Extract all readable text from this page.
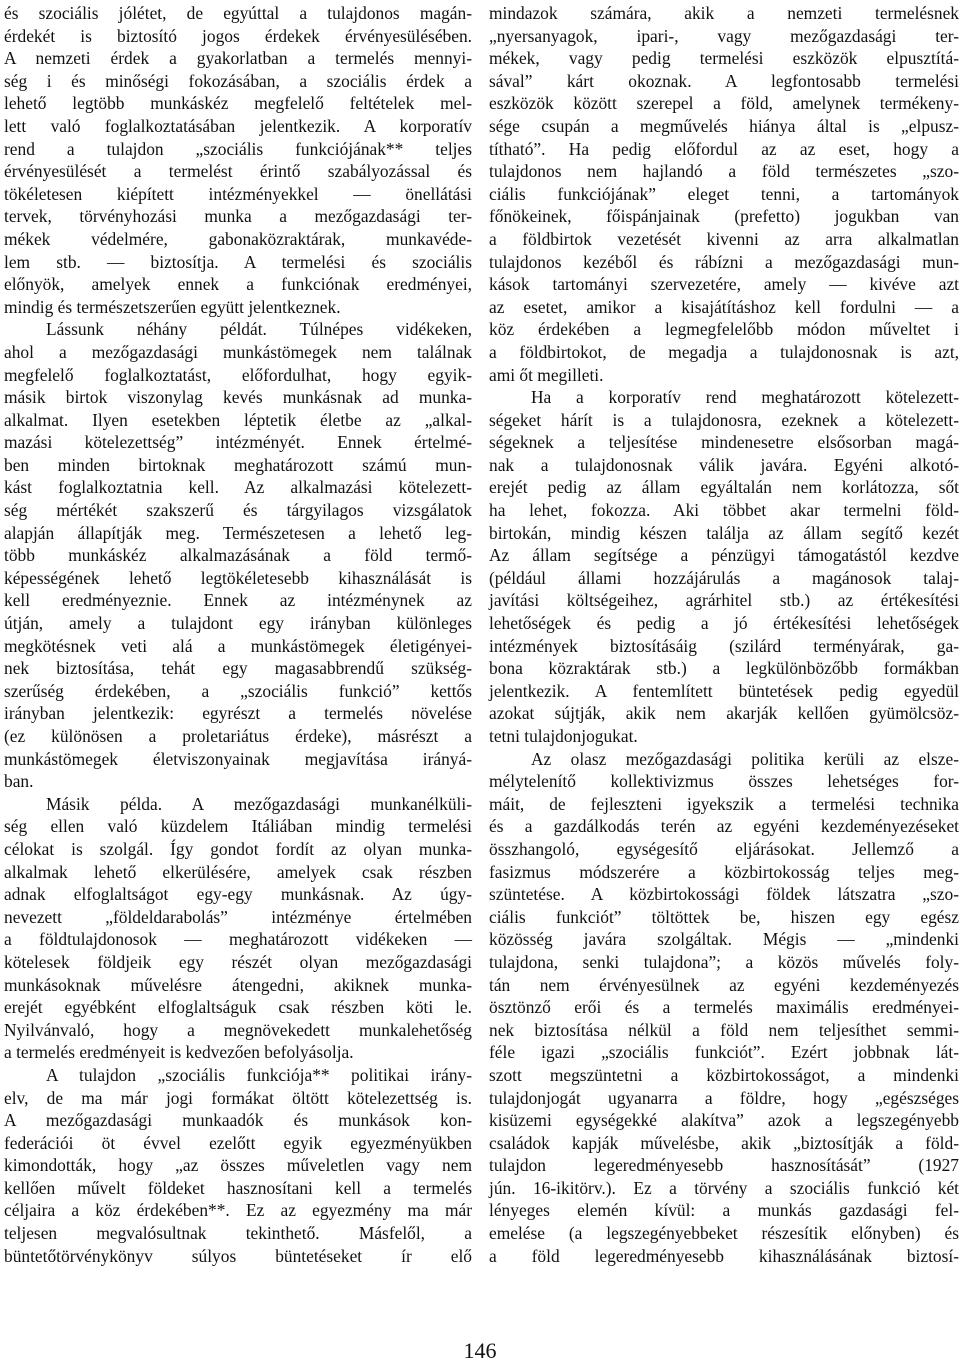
és szociális jólétet, de egyúttal a tulajdonos magán-
érdekét is biztosító jogos érdekek érvényesülésében.
A nemzeti érdek a gyakorlatban a termelés mennyi-
ség i és minőségi fokozásában, a szociális érdek a
lehető legtöbb munkáskéz megfelelő feltételek mel-
lett való foglalkoztatásában jelentkezik. A korporatív
rend a tulajdon „szociális funkciójának** teljes
érvényesülését a termelést érintő szabályozással és
tökéletesen kiépített intézményekkel — önellátási
tervek, törvényhozási munka a mezőgazdasági ter-
mékek védelmére, gabonaközraktárak, munkavéde-
lem stb. — biztosítja. A termelési és szociális
előnyök, amelyek ennek a funkciónak eredményei,
mindig és természetszerűen együtt jelentkeznek.
Lássunk néhány példát. Túlnépes vidékeken,
ahol a mezőgazdasági munkástömegek nem találnak
megfelelő foglalkoztatást, előfordulhat, hogy egyik-
másik birtok viszonylag kevés munkásnak ad munka-
alkalmat. Ilyen esetekben léptetik életbe az „alkal-
mazási kötelezettség” intézményét. Ennek értelmé-
ben minden birtoknak meghatározott számú mun-
kást foglalkoztatnia kell. Az alkalmazási kötelezett-
ség mértékét szakszerű és tárgyilagos vizsgálatok
alapján állapítják meg. Természetesen a lehető leg-
több munkáskéz alkalmazásának a föld termő-
képességének lehető legtökéletesebb kihasználását is
kell eredményeznie. Ennek az intézménynek az
útján, amely a tulajdont egy irányban különleges
megkötésnek veti alá a munkástömegek életigényei-
nek biztosítása, tehát egy magasabbrendű szükség-
szerűség érdekében, a „szociális funkció” kettős
irányban jelentkezik: egyrészt a termelés növelése
(ez különösen a proletariátus érdeke), másrészt a
munkástömegek életviszonyainak megjavítása irányá-
ban.
Másik példa. A mezőgazdasági munkanélküli-
ség ellen való küzdelem Itáliában mindig termelési
célokat is szolgál. Így gondot fordít az olyan munka-
alkalmak lehető elkerülésére, amelyek csak részben
adnak elfoglaltságot egy-egy munkásnak. Az úgy-
nevezett „földeldarabolás” intézménye értelmében
a földtulajdonosok — meghatározott vidékeken —
kötelesek földjeik egy részét olyan mezőgazdasági
munkásoknak művelésre átengedni, akiknek munka-
erejét egyébként elfoglaltságuk csak részben köti le.
Nyilvánvaló, hogy a megnövekedett munkalehetőség
a termelés eredményeit is kedvezően befolyásolja.
A tulajdon „szociális funkciója** politikai irány-
elv, de ma már jogi formákat öltött kötelezettség is.
A mezőgazdasági munkaadók és munkások kon-
federációi öt évvel ezelőtt egyik egyezményükben
kimondották, hogy „az összes műveletlen vagy nem
kellően művelt földeket hasznosítani kell a termelés
céljaira a köz érdekében**. Ez az egyezmény ma már
teljesen megvalósultnak tekinthető. Másfelől, a
büntetőtörvénykönyv súlyos büntetéseket ír elő
mindazok számára, akik a nemzeti termelésnek
„nyersanyagok, ipari-, vagy mezőgazdasági ter-
mékek, vagy pedig termelési eszközök elpusztítá-
sával” kárt okoznak. A legfontosabb termelési
eszközök között szerepel a föld, amelynek termékeny-
sége csupán a megművelés hiánya által is „elpusz-
títható”. Ha pedig előfordul az az eset, hogy a
tulajdonos nem hajlandó a föld természetes „szo-
ciális funkciójának” eleget tenni, a tartományok
főnökeinek, főispánjainak (prefetto) jogukban van
a földbirtok vezetését kivenni az arra alkalmatlan
tulajdonos kezéből és rábízni a mezőgazdasági mun-
kások tartományi szervezetére, amely — kivéve azt
az esetet, amikor a kisajátításhoz kell fordulni — a
köz érdekében a legmegfelelőbb módon műveltet i
a földbirtokot, de megadja a tulajdonosnak is azt,
ami őt megilleti.
Ha a korporatív rend meghatározott kötelezett-
ségeket hárít is a tulajdonosra, ezeknek a kötelezett-
ségeknek a teljesítése mindenesetre elsősorban magá-
nak a tulajdonosnak válik javára. Egyéni alkotó-
erejét pedig az állam egyáltalán nem korlátozza, sőt
ha lehet, fokozza. Aki többet akar termelni föld-
birtokán, mindig készen találja az állam segítő kezét
Az állam segítsége a pénzügyi támogatástól kezdve
(például állami hozzájárulás a magánosok talaj-
javítási költségeihez, agrárhitel stb.) az értékesítési
lehetőségek és pedig a jó értékesítési lehetőségek
intézmények biztosításáig (szilárd terményárak, ga-
bona közraktárak stb.) a legkülönbözőbb formákban
jelentkezik. A fentemlített büntetések pedig egyedül
azokat sújtják, akik nem akarják kellően gyümölcsöz-
tetni tulajdonjogukat.
Az olasz mezőgazdasági politika kerüli az elsze-
mélytelenítő kollektivizmus összes lehetséges for-
máit, de fejleszteni igyekszik a termelési technika
és a gazdálkodás terén az egyéni kezdeményezéseket
összhangoló, egységesítő eljárásokat. Jellemző a
fasizmus módszerére a közbirtokosság teljes meg-
szüntetése. A közbirtokossági földek látszatra „szo-
ciális funkciót” töltöttek be, hiszen egy egész
közösség javára szolgáltak. Mégis — „mindenki
tulajdona, senki tulajdona”; a közös művelés foly-
tán nem érvényesülnek az egyéni kezdeményezés
ösztönző erői és a termelés maximális eredményei-
nek biztosítása nélkül a föld nem teljesíthet semmi-
féle igazi „szociális funkciót”. Ezért jobbnak lát-
szott megszüntetni a közbirtokosságot, a mindenki
tulajdonjogát ugyanarra a földre, hogy „egészséges
kisüzemi egységekké alakítva” azok a legszegényebb
családok kapják művelésbe, akik „biztosítják a föld-
tulajdon legeredményesebb hasznosítását” (1927
jún. 16-ikitörv.). Ez a törvény a szociális funkció két
lényeges elemén kívül: a munkás gazdasági fel-
emelése (a legszegényebbeket részesítik előnyben) és
a föld legeredményesebb kihasználásának biztosí-
146
